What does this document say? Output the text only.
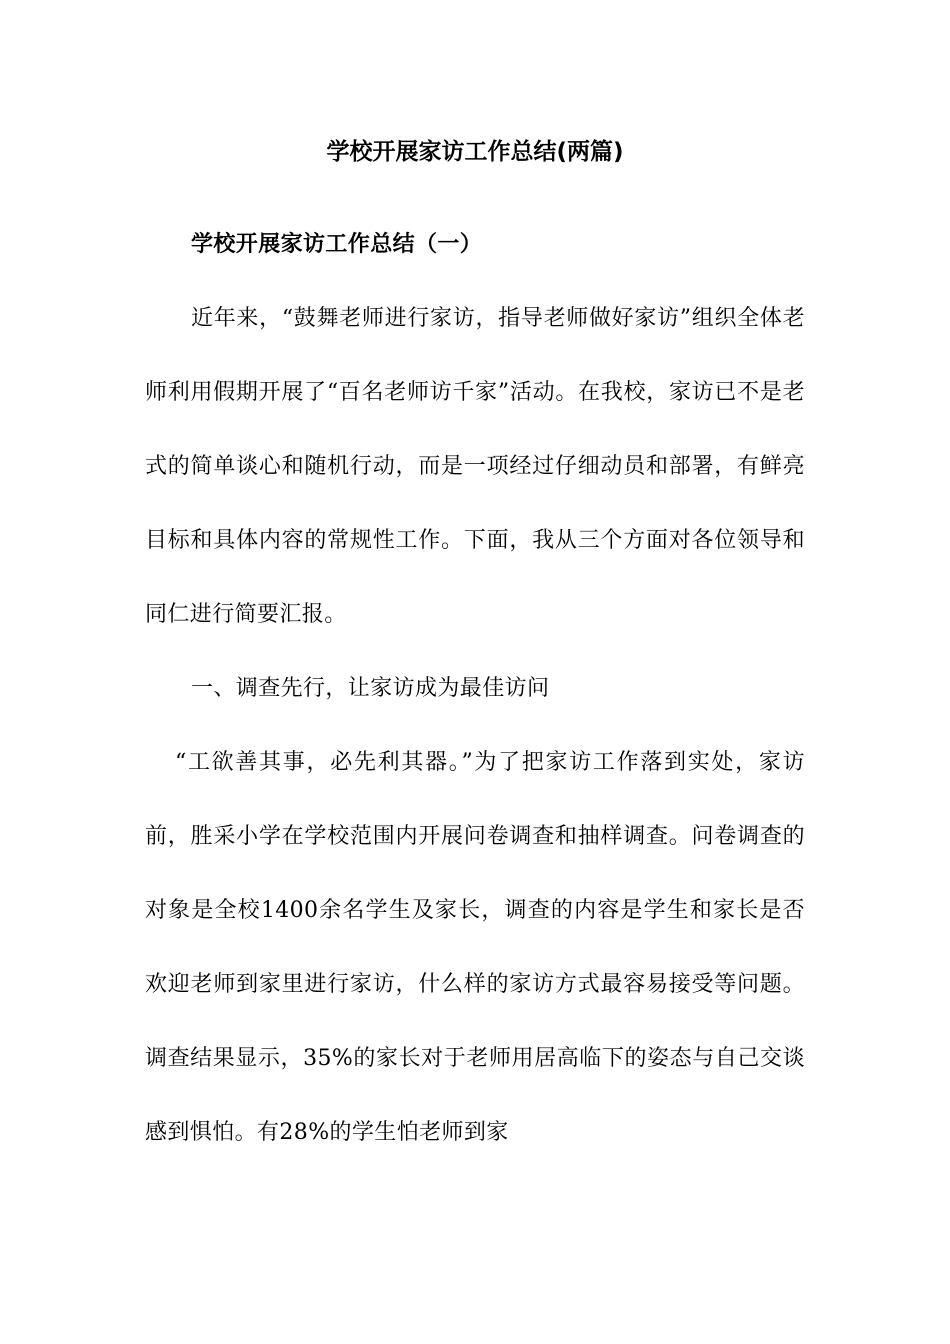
学校开展家访工作总结(两篇)

学校开展家访工作总结（一）

近年来，“鼓舞老师进行家访，指导老师做好家访”组织全体老师利用假期开展了“百名老师访千家”活动。在我校，家访已不是老式的简单谈心和随机行动，而是一项经过仔细动员和部署，有鲜亮目标和具体内容的常规性工作。下面，我从三个方面对各位领导和同仁进行简要汇报。

一、调查先行，让家访成为最佳访问

“工欲善其事，必先利其器。”为了把家访工作落到实处，家访前，胜采小学在学校范围内开展问卷调查和抽样调查。问卷调查的对象是全校1400余名学生及家长，调查的内容是学生和家长是否欢迎老师到家里进行家访，什么样的家访方式最容易接受等问题。调查结果显示，35%的家长对于老师用居高临下的姿态与自己交谈感到惧怕。有28%的学生怕老师到家
